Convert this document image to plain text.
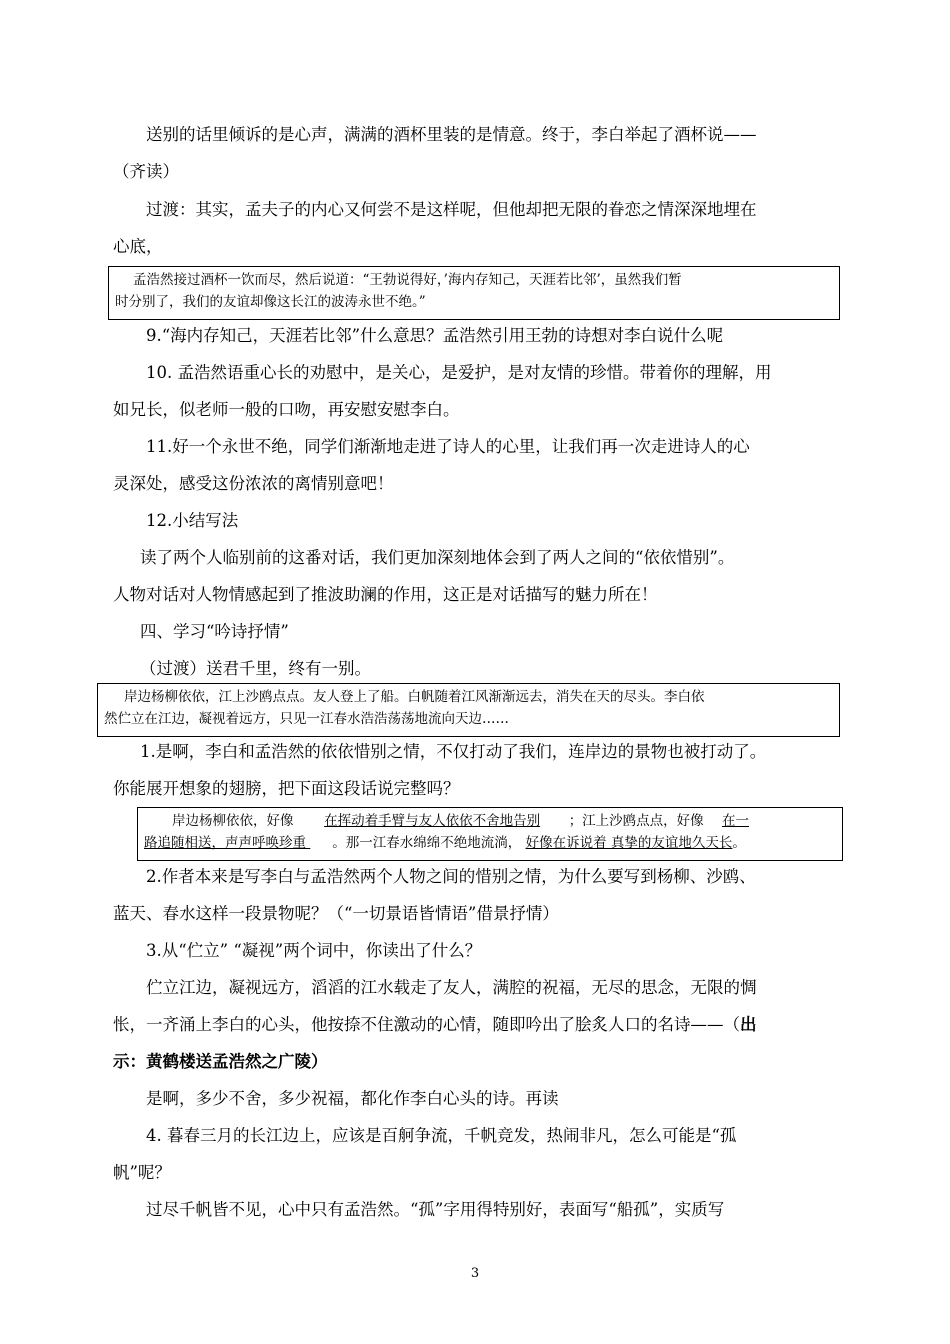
送别的话里倾诉的是心声，满满的酒杯里装的是情意。终于，李白举起了酒杯说——
（齐读）
过渡：其实，孟夫子的内心又何尝不是这样呢，但他却把无限的眷恋之情深深地埋在
心底，
孟浩然接过酒杯一饮而尽，然后说道：“王勃说得好，’海内存知己，天涯若比邻’，虽然我们暂
时分别了，我们的友谊却像这长江的波涛永世不绝。”
9.“海内存知己，天涯若比邻”什么意思？孟浩然引用王勃的诗想对李白说什么呢
10. 孟浩然语重心长的劝慰中，是关心，是爱护，是对友情的珍惜。带着你的理解，用
如兄长，似老师一般的口吻，再安慰安慰李白。
11.好一个永世不绝，同学们渐渐地走进了诗人的心里，让我们再一次走进诗人的心
灵深处，感受这份浓浓的离情别意吧！
12.小结写法
读了两个人临别前的这番对话，我们更加深刻地体会到了两人之间的“依依惜别”。
人物对话对人物情感起到了推波助澜的作用，这正是对话描写的魅力所在！
四、学习“吟诗抒情”
（过渡）送君千里，终有一别。
岸边杨柳依依，江上沙鸥点点。友人登上了船。白帆随着江风渐渐远去，消失在天的尽头。李白依
然伫立在江边，凝视着远方，只见一江春水浩浩荡荡地流向天边…‥.
1.是啊，李白和孟浩然的依依惜别之情，不仅打动了我们，连岸边的景物也被打动了。
你能展开想象的翅膀，把下面这段话说完整吗？
岸边杨柳依依，好像 在挥动着手臂与友人依依不舍地告别 ；江上沙鸥点点，好像 在一
路追随相送，声声呼唤珍重 。那一江春水绵绵不绝地流淌， 好像在诉说着 真挚的友谊地久天长。
2.作者本来是写李白与孟浩然两个人物之间的惜别之情，为什么要写到杨柳、沙鸥、
蓝天、春水这样一段景物呢？（“一切景语皆情语”借景抒情）
3.从“伫立” “凝视”两个词中，你读出了什么？
伫立江边，凝视远方，滔滔的江水载走了友人，满腔的祝福，无尽的思念，无限的惆
怅，一齐涌上李白的心头，他按捺不住激动的心情，随即吟出了脍炙人口的名诗——（出
示：黄鹤楼送孟浩然之广陵）
是啊，多少不舍，多少祝福，都化作李白心头的诗。再读
4. 暮春三月的长江边上，应该是百舸争流，千帆竞发，热闹非凡，怎么可能是“孤
帆”呢？
过尽千帆皆不见，心中只有孟浩然。“孤”字用得特别好，表面写“船孤”，实质写
3
